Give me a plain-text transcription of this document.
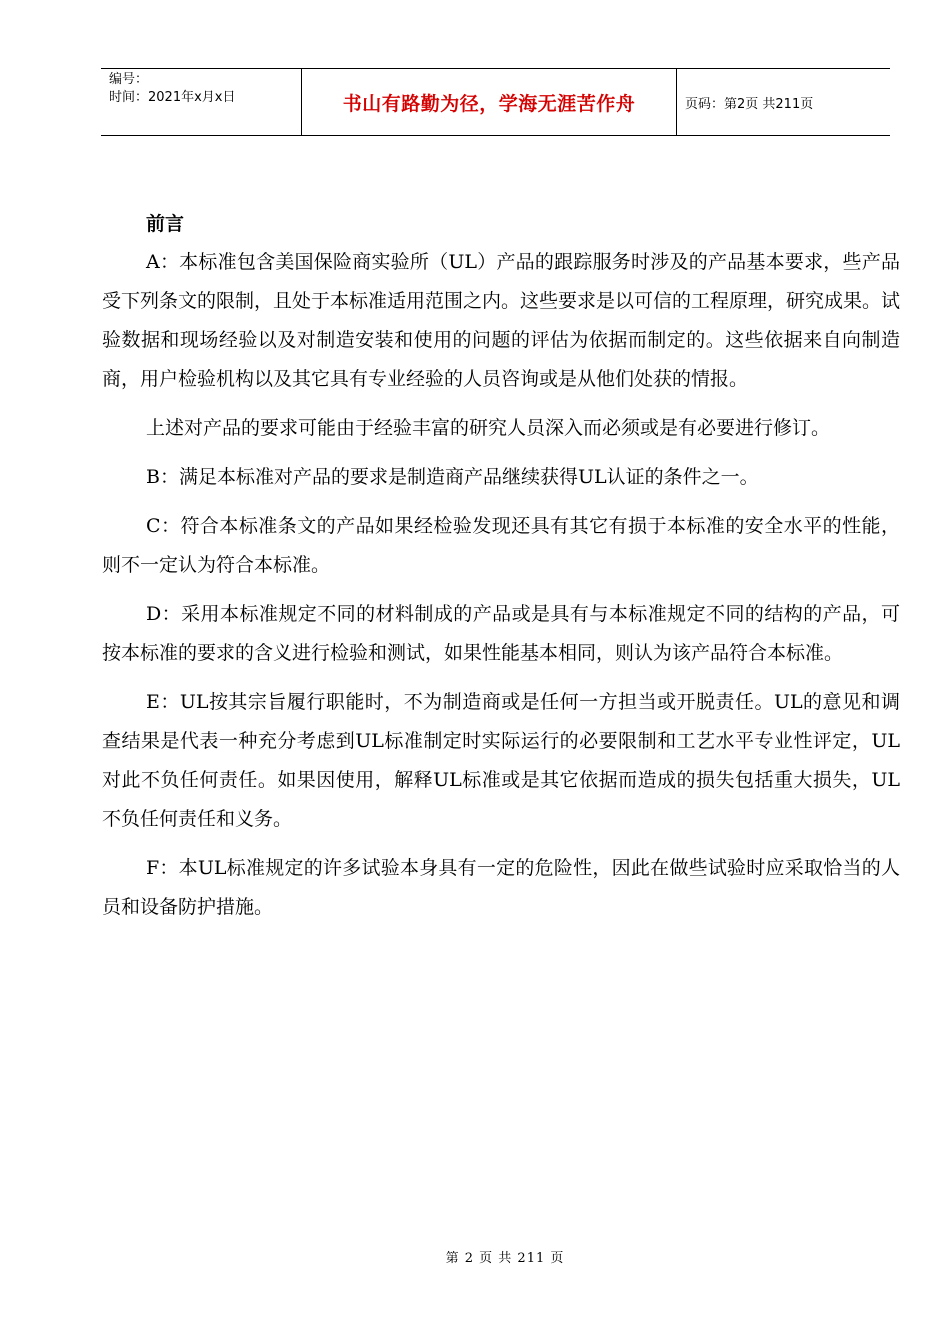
编号：
时间：2021年x月x日	书山有路勤为径，学海无涯苦作舟	页码：第2页 共211页

前言

A：本标准包含美国保险商实验所（UL）产品的跟踪服务时涉及的产品基本要求，些产品受下列条文的限制，且处于本标准适用范围之内。这些要求是以可信的工程原理，研究成果。试验数据和现场经验以及对制造安装和使用的问题的评估为依据而制定的。这些依据来自向制造商，用户检验机构以及其它具有专业经验的人员咨询或是从他们处获的情报。

上述对产品的要求可能由于经验丰富的研究人员深入而必须或是有必要进行修订。

B：满足本标准对产品的要求是制造商产品继续获得UL认证的条件之一。

C：符合本标准条文的产品如果经检验发现还具有其它有损于本标准的安全水平的性能，则不一定认为符合本标准。

D：采用本标准规定不同的材料制成的产品或是具有与本标准规定不同的结构的产品，可按本标准的要求的含义进行检验和测试，如果性能基本相同，则认为该产品符合本标准。

E：UL按其宗旨履行职能时，不为制造商或是任何一方担当或开脱责任。UL的意见和调查结果是代表一种充分考虑到UL标准制定时实际运行的必要限制和工艺水平专业性评定，UL对此不负任何责任。如果因使用，解释UL标准或是其它依据而造成的损失包括重大损失，UL不负任何责任和义务。

F：本UL标准规定的许多试验本身具有一定的危险性，因此在做些试验时应采取恰当的人员和设备防护措施。

第 2 页 共 211 页
